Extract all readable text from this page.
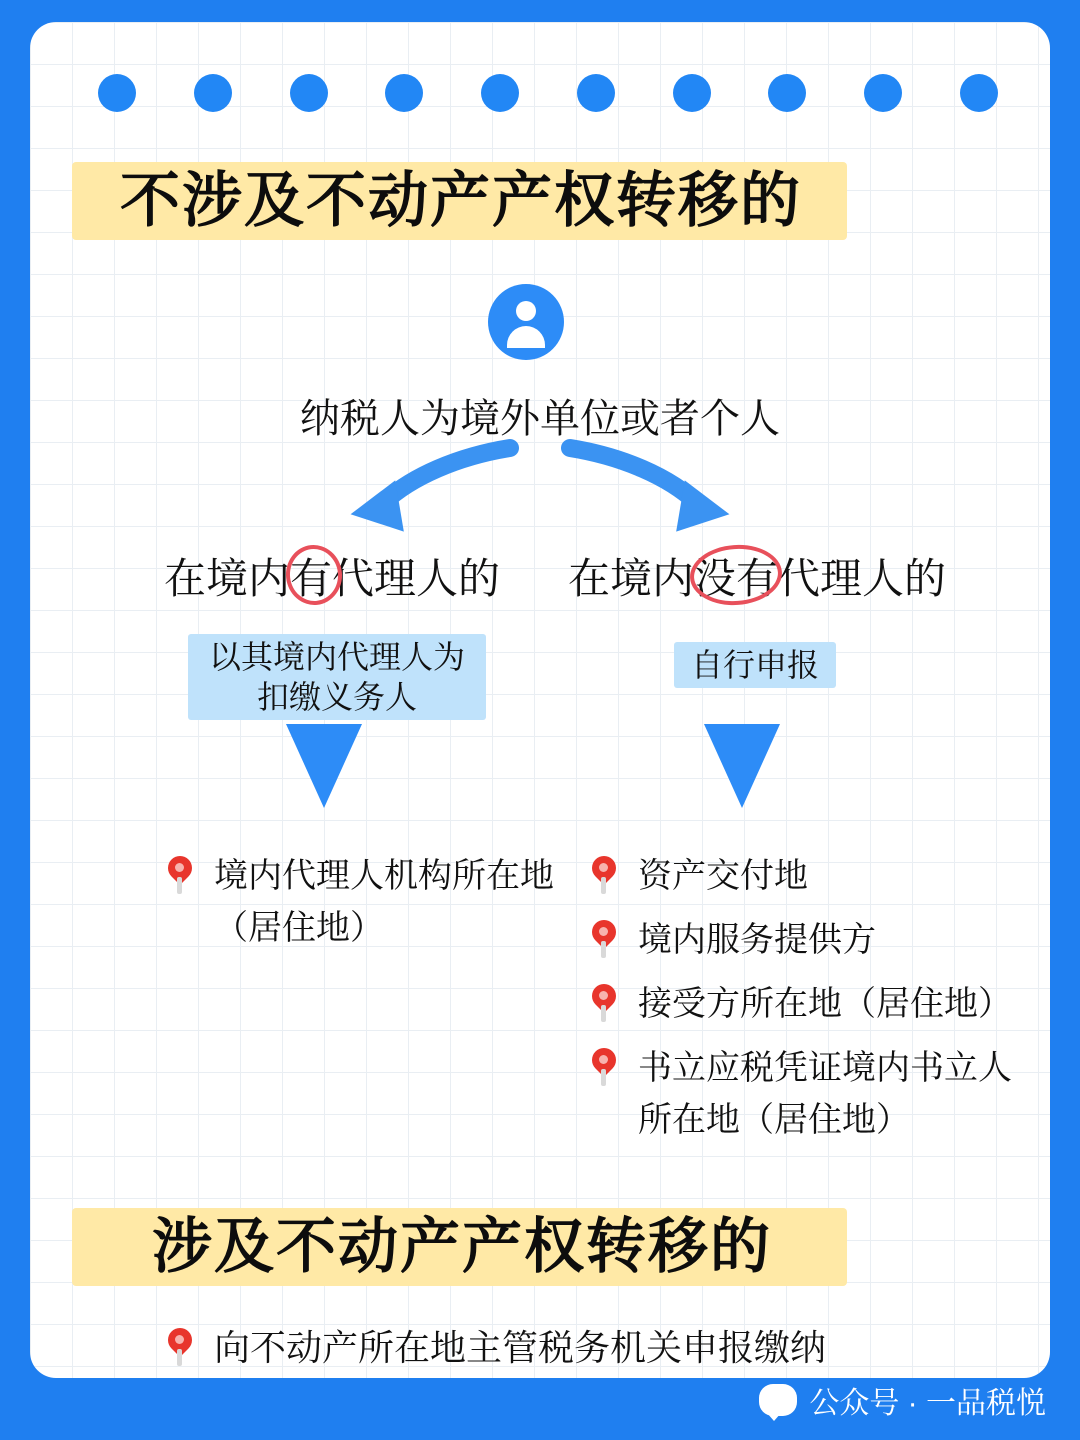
不涉及不动产产权转移的
纳税人为境外单位或者个人
在境内有代理人的 在境内没有代理人的
以其境内代理人为扣缴义务人
自行申报
境内代理人机构所在地（居住地）
资产交付地
境内服务提供方
接受方所在地（居住地）
书立应税凭证境内书立人所在地（居住地）
涉及不动产产权转移的
向不动产所在地主管税务机关申报缴纳
公众号 · 一品税悦
